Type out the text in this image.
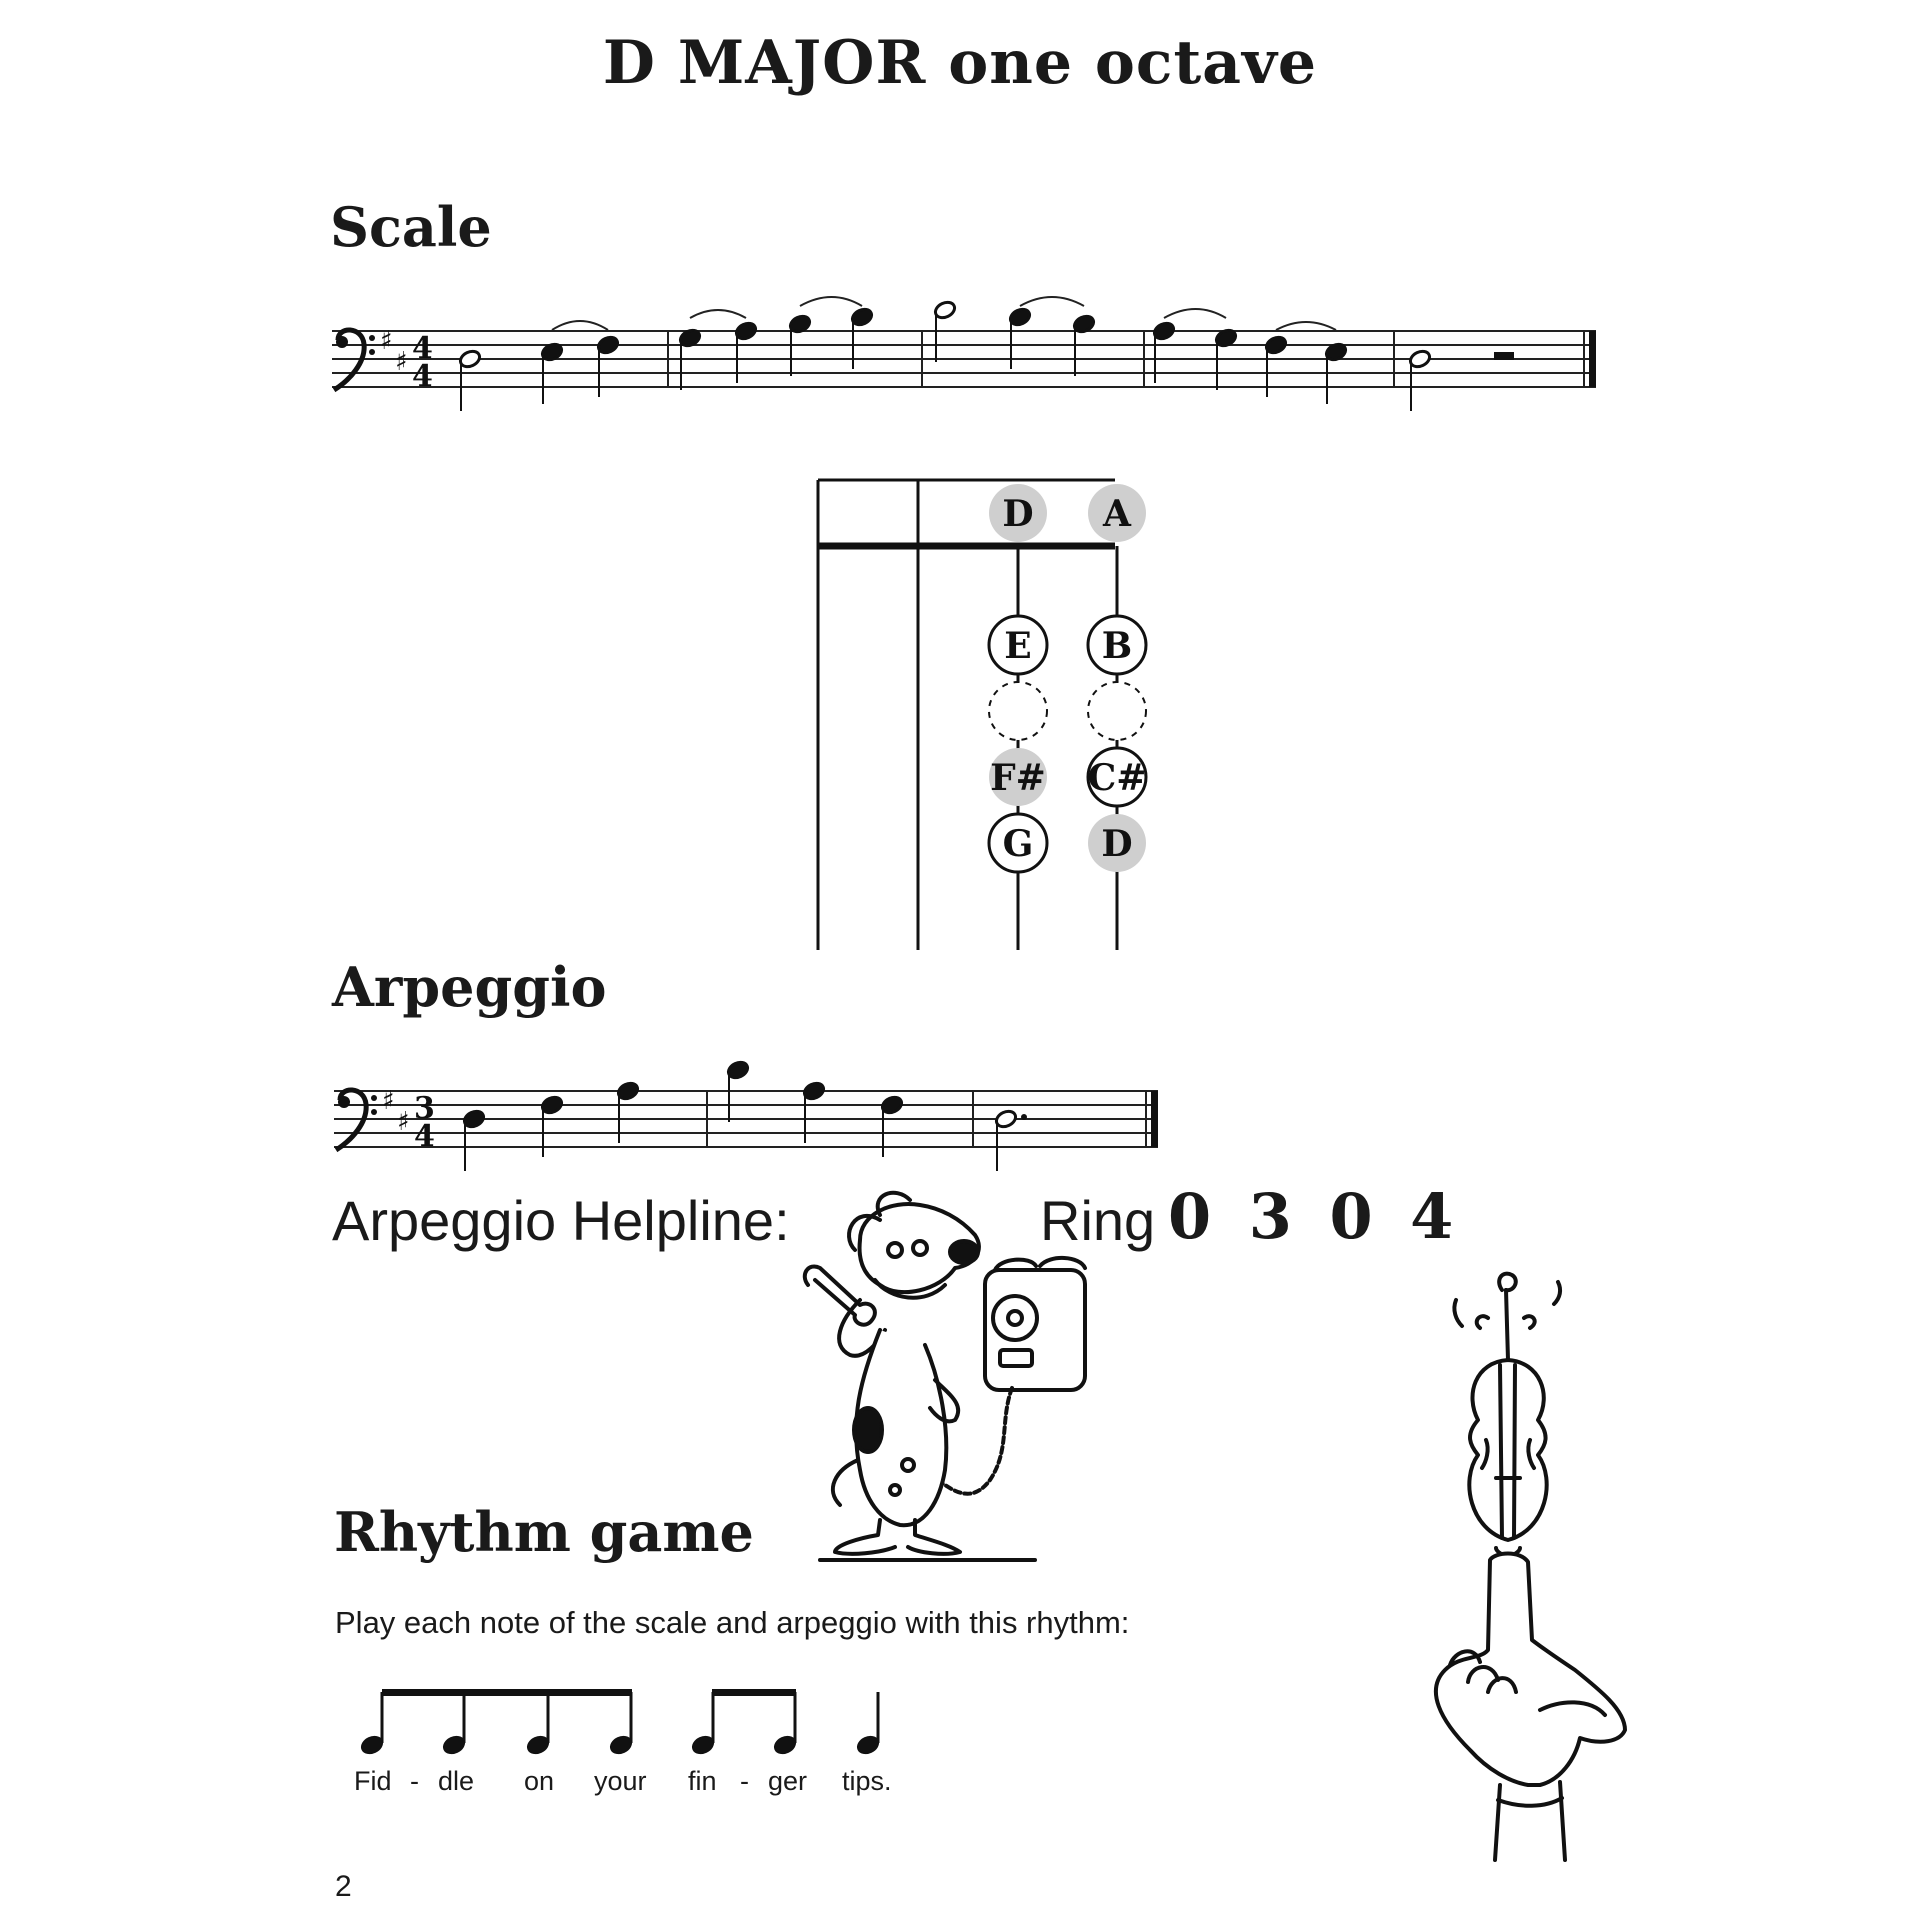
D MAJOR one octave
Scale
♯
♯ 4
4
D
E
F#
G
A
B
C#
D
Arpeggio
♯
♯ 3
4
Arpeggio Helpline:	Ring 0 3 0 4
Rhythm game
Play each note of the scale and arpeggio with this rhythm:
Fid - dle on your fin - ger tips.
2
